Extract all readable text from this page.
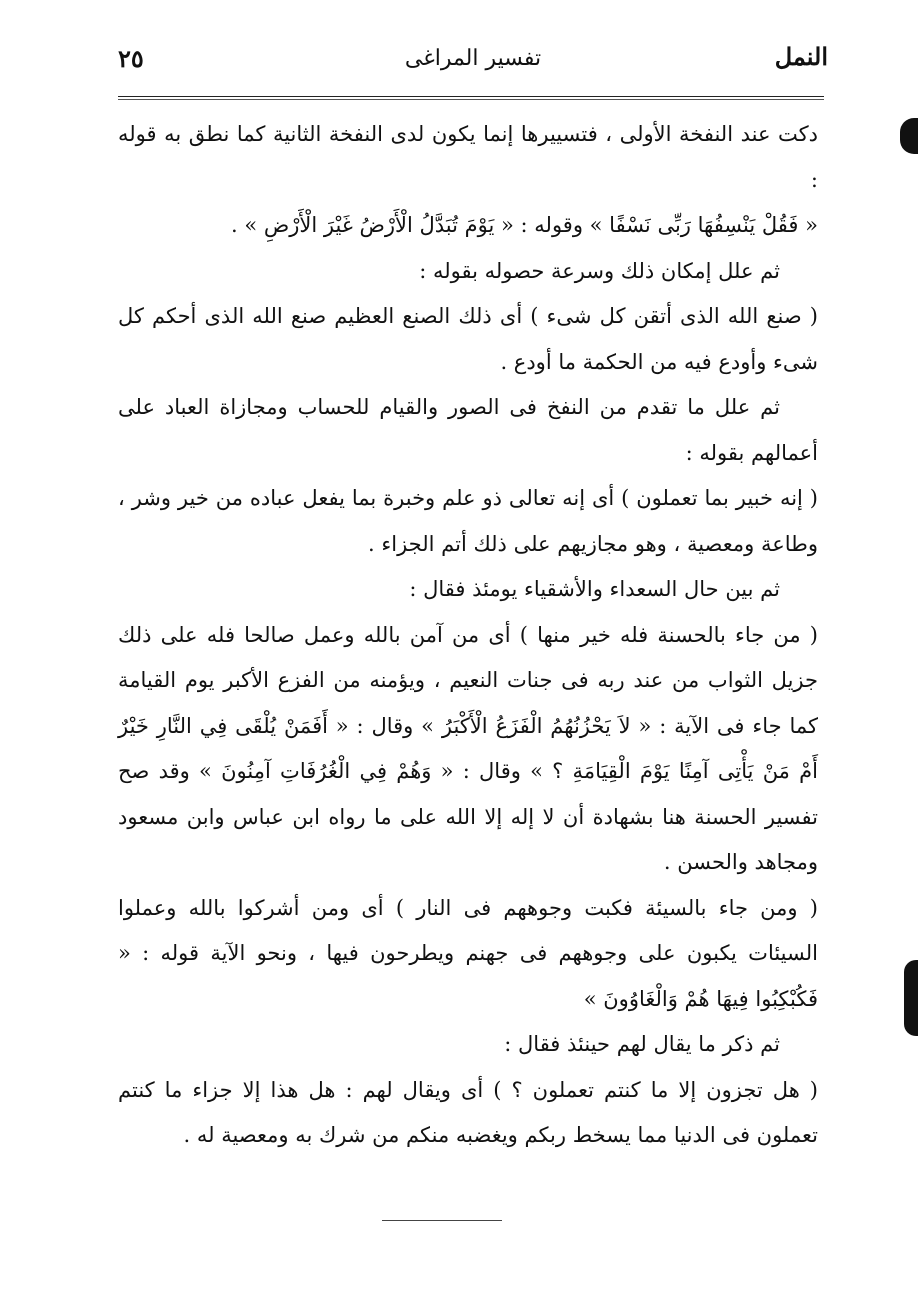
النمل
تفسير المراغى
٢٥

دكت عند النفخة الأولى ، فتسييرها إنما يكون لدى النفخة الثانية كما نطق به قوله :

« فَقُلْ يَنْسِفُهَا رَبِّى نَسْفًا » وقوله : « يَوْمَ تُبَدَّلُ الْأَرْضُ غَيْرَ الْأَرْضِ » .

ثم علل إمكان ذلك وسرعة حصوله بقوله :

( صنع الله الذى أتقن كل شىء ) أى ذلك الصنع العظيم صنع الله الذى أحكم كل شىء وأودع فيه من الحكمة ما أودع .

ثم علل ما تقدم من النفخ فى الصور والقيام للحساب ومجازاة العباد على أعمالهم بقوله :

( إنه خبير بما تعملون ) أى إنه تعالى ذو علم وخبرة بما يفعل عباده من خير وشر ، وطاعة ومعصية ، وهو مجازيهم على ذلك أتم الجزاء .

ثم بين حال السعداء والأشقياء يومئذ فقال :

( من جاء بالحسنة فله خير منها ) أى من آمن بالله وعمل صالحا فله على ذلك جزيل الثواب من عند ربه فى جنات النعيم ، ويؤمنه من الفزع الأكبر يوم القيامة كما جاء فى الآية : « لاَ يَحْزُنُهُمُ الْفَزَعُ الْأَكْبَرُ » وقال : « أَفَمَنْ يُلْقَى فِي النَّارِ خَيْرٌ أَمْ مَنْ يَأْتِى آمِنًا يَوْمَ الْقِيَامَةِ ؟ » وقال : « وَهُمْ فِي الْغُرُفَاتِ آمِنُونَ » وقد صح تفسير الحسنة هنا بشهادة أن لا إله إلا الله على ما رواه ابن عباس وابن مسعود ومجاهد والحسن .

( ومن جاء بالسيئة فكبت وجوههم فى النار ) أى ومن أشركوا بالله وعملوا السيئات يكبون على وجوههم فى جهنم ويطرحون فيها ، ونحو الآية قوله : « فَكُبْكِبُوا فِيهَا هُمْ وَالْغَاوُونَ »

ثم ذكر ما يقال لهم حينئذ فقال :

( هل تجزون إلا ما كنتم تعملون ؟ ) أى ويقال لهم : هل هذا إلا جزاء ما كنتم تعملون فى الدنيا مما يسخط ربكم ويغضبه منكم من شرك به ومعصية له .
